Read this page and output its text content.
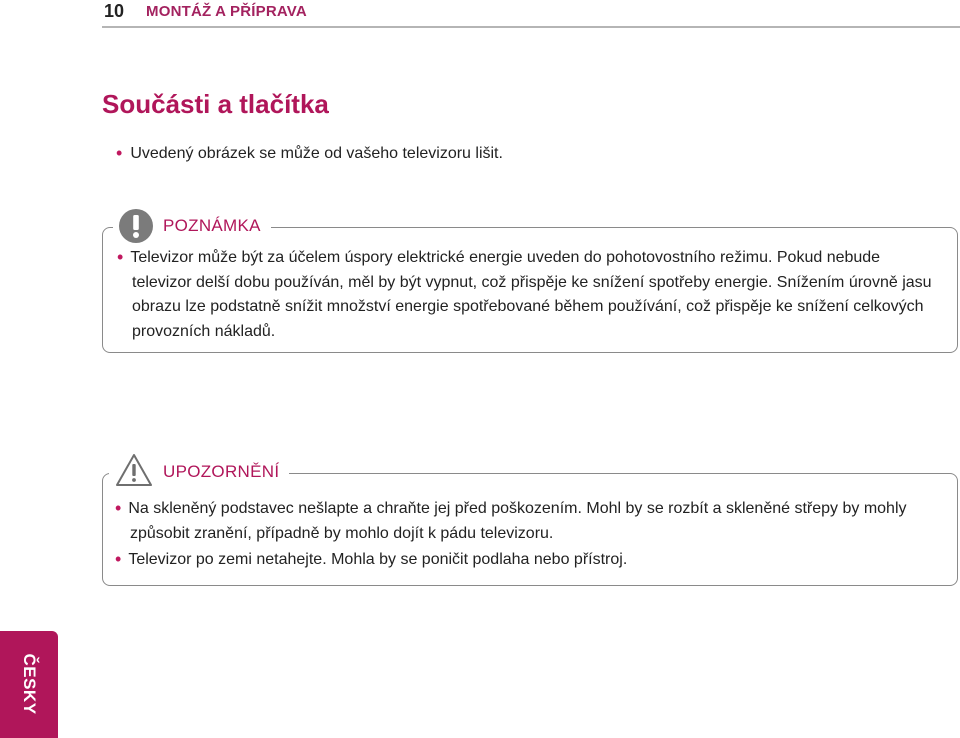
10 MONTÁŽ A PŘÍPRAVA
Součásti a tlačítka
• Uvedený obrázek se může od vašeho televizoru lišit.
POZNÁMKA

• Televizor může být za účelem úspory elektrické energie uveden do pohotovostního režimu. Pokud nebude televizor delší dobu používán, měl by být vypnut, což přispěje ke snížení spotřeby energie. Snížením úrovně jasu obrazu lze podstatně snížit množství energie spotřebované během používání, což přispěje ke snížení celkových provozních nákladů.

UPOZORNĚNÍ

• Na skleněný podstavec nešlapte a chraňte jej před poškozením. Mohl by se rozbít a skleněné střepy by mohly způsobit zranění, případně by mohlo dojít k pádu televizoru.

• Televizor po zemi netahejte. Mohla by se poničit podlaha nebo přístroj.

ČESKY
